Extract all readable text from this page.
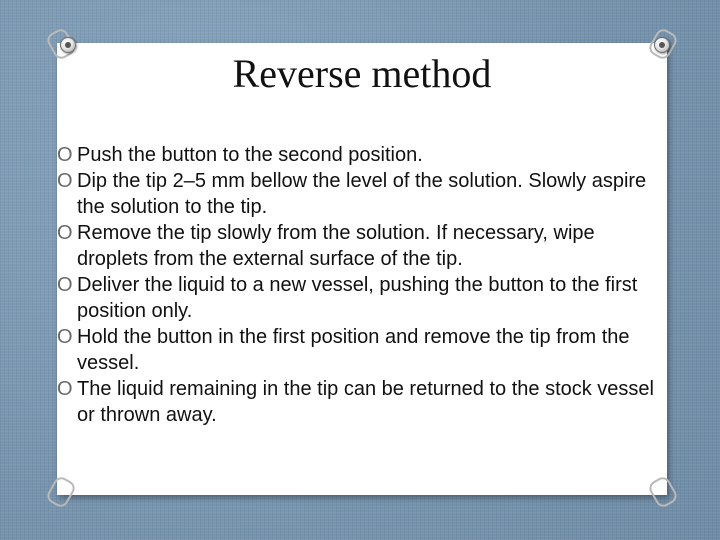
Reverse method
O Push the button to the second position.
O Dip the tip 2–5 mm bellow the level of the solution. Slowly aspire the solution to the tip.
O Remove the tip slowly from the solution. If necessary, wipe droplets from the external surface of the tip.
O Deliver the liquid to a new vessel, pushing the button to the first position only.
O Hold the button in the first position and remove the tip from the vessel.
O The liquid remaining in the tip can be returned to the stock vessel or thrown away.
